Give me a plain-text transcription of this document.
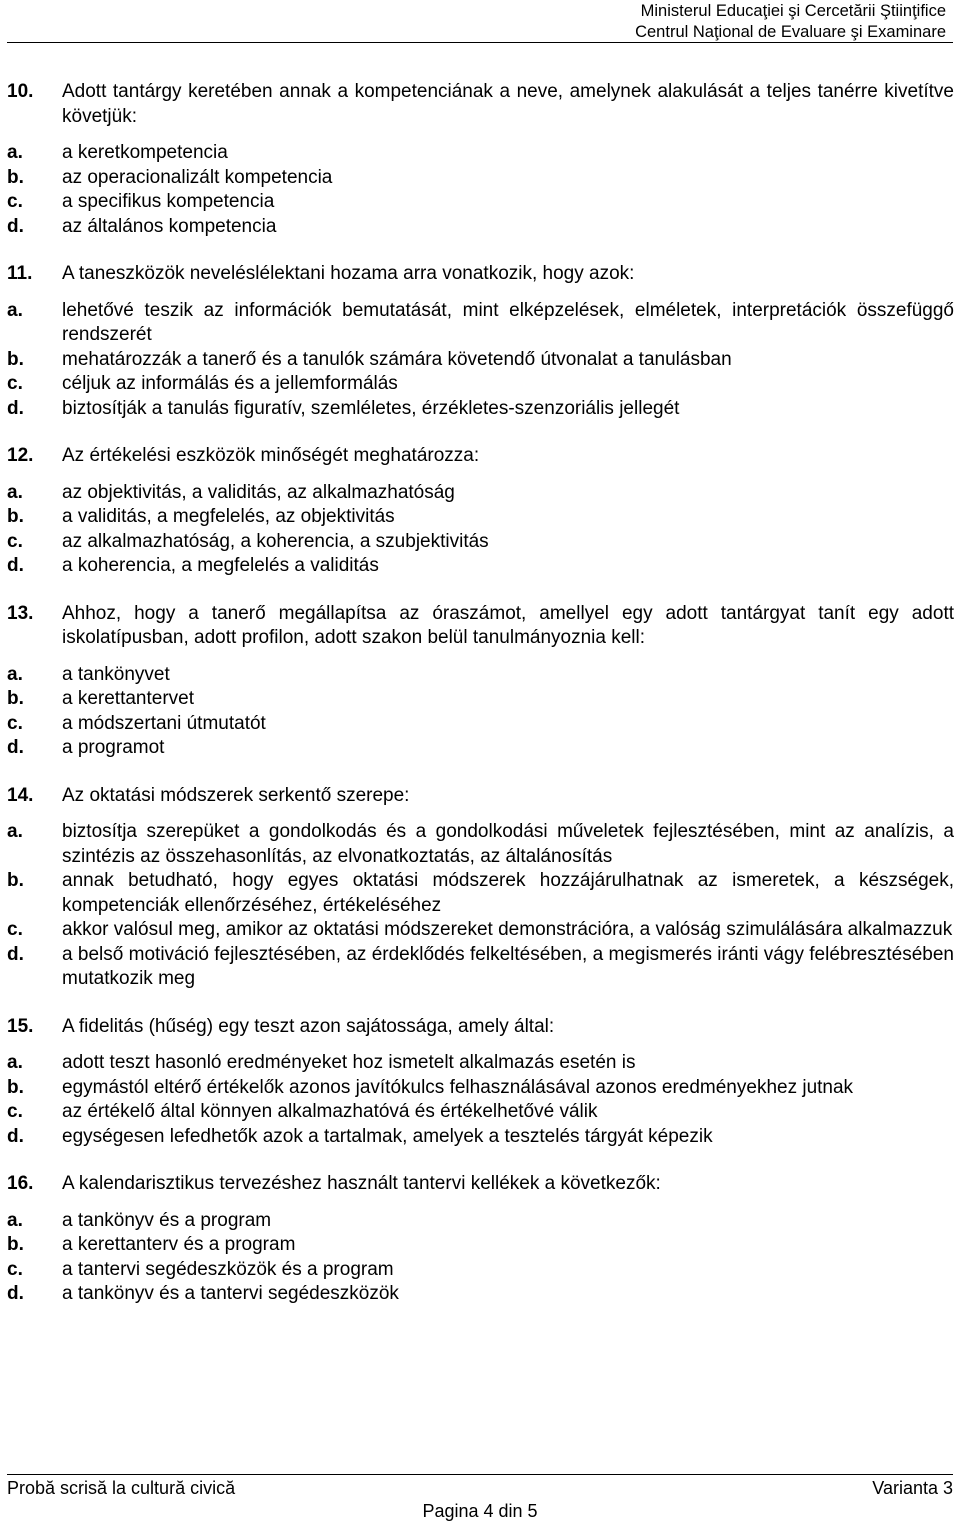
Ministerul Educaţiei şi Cercetării Ştiinţifice
Centrul Naţional de Evaluare şi Examinare
10.	Adott tantárgy keretében annak a kompetenciának a neve, amelynek alakulását a teljes tanérre kivetítve követjük:
a.	a keretkompetencia
b.	az operacionalizált kompetencia
c.	a specifikus kompetencia
d.	az általános kompetencia
11.	A taneszközök neveléslélektani hozama arra vonatkozik, hogy azok:
a.	lehetővé teszik az információk bemutatását, mint elképzelések, elméletek, interpretációk összefüggő rendszerét
b.	mehatározzák a tanerő és a tanulók számára követendő útvonalat a tanulásban
c.	céljuk az informálás és a jellemformálás
d.	biztosítják a tanulás figuratív, szemléletes, érzékletes-szenzoriális jellegét
12.	Az értékelési eszközök minőségét meghatározza:
a.	az objektivitás, a validitás, az alkalmazhatóság
b.	a validitás, a megfelelés, az objektivitás
c.	az alkalmazhatóság, a koherencia, a szubjektivitás
d.	a koherencia, a megfelelés a validitás
13.	Ahhoz, hogy a tanerő megállapítsa az óraszámot, amellyel egy adott tantárgyat tanít egy adott iskolatípusban, adott profilon, adott szakon belül tanulmányoznia kell:
a.	a tankönyvet
b.	a kerettantervet
c.	a módszertani útmutatót
d.	a programot
14.	Az oktatási módszerek serkentő szerepe:
a.	biztosítja szerepüket a gondolkodás és a gondolkodási műveletek fejlesztésében, mint az analízis, a szintézis az összehasonlítás, az elvonatkoztatás, az általánosítás
b.	annak betudható, hogy egyes oktatási módszerek hozzájárulhatnak az ismeretek, a készségek, kompetenciák ellenőrzéséhez, értékeléséhez
c.	akkor valósul meg, amikor az oktatási módszereket demonstrációra, a valóság szimulálására alkalmazzuk
d.	a belső motiváció fejlesztésében, az érdeklődés felkeltésében, a megismerés iránti vágy felébresztésében mutatkozik meg
15.	A fidelitás (hűség) egy teszt azon sajátossága, amely által:
a.	adott teszt hasonló eredményeket hoz ismetelt alkalmazás esetén is
b.	egymástól eltérő értékelők azonos javítókulcs felhasználásával azonos eredményekhez jutnak
c.	az értékelő által könnyen alkalmazhatóvá és értékelhetővé válik
d.	egységesen lefedhetők azok a tartalmak, amelyek a tesztelés tárgyát képezik
16.	A kalendarisztikus tervezéshez használt tantervi kellékek a következők:
a.	a tankönyv és a program
b.	a kerettanterv és a program
c.	a tantervi segédeszközök és a program
d.	a tankönyv és a tantervi segédeszközök
Probă scrisă la cultură civică	Varianta 3
Pagina 4 din 5
